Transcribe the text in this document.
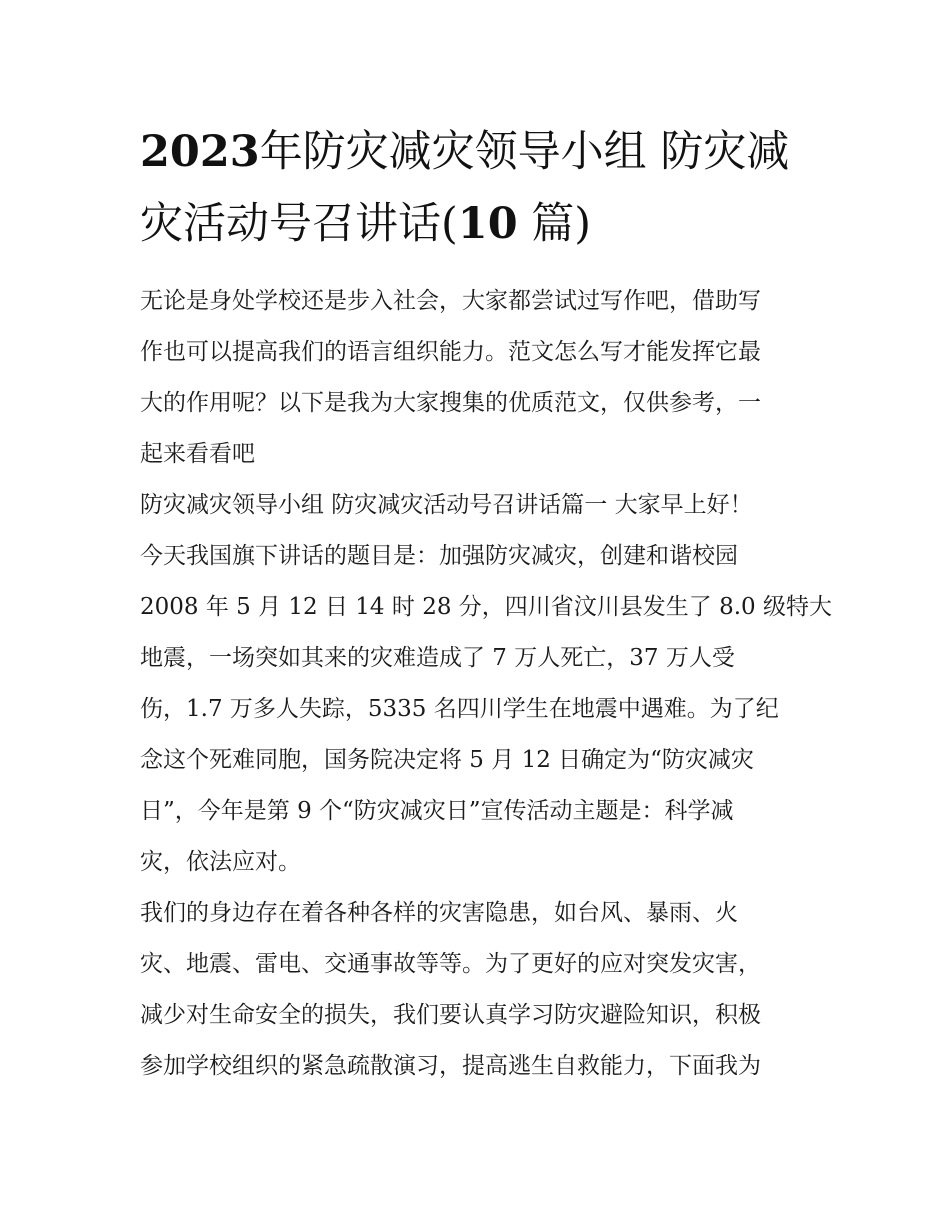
2023年防灾减灾领导小组 防灾减灾活动号召讲话(10 篇)

无论是身处学校还是步入社会，大家都尝试过写作吧，借助写

作也可以提高我们的语言组织能力。范文怎么写才能发挥它最

大的作用呢？以下是我为大家搜集的优质范文，仅供参考，一

起来看看吧

防灾减灾领导小组 防灾减灾活动号召讲话篇一 大家早上好！

今天我国旗下讲话的题目是：加强防灾减灾，创建和谐校园

2008 年 5 月 12 日 14 时 28 分，四川省汶川县发生了 8.0 级特大

地震，一场突如其来的灾难造成了 7 万人死亡，37 万人受

伤，1.7 万多人失踪，5335 名四川学生在地震中遇难。为了纪

念这个死难同胞，国务院决定将 5 月 12 日确定为“防灾减灾

日”，今年是第 9 个“防灾减灾日”宣传活动主题是：科学减

灾，依法应对。

我们的身边存在着各种各样的灾害隐患，如台风、暴雨、火

灾、地震、雷电、交通事故等等。为了更好的应对突发灾害，

减少对生命安全的损失，我们要认真学习防灾避险知识，积极

参加学校组织的紧急疏散演习，提高逃生自救能力，下面我为
